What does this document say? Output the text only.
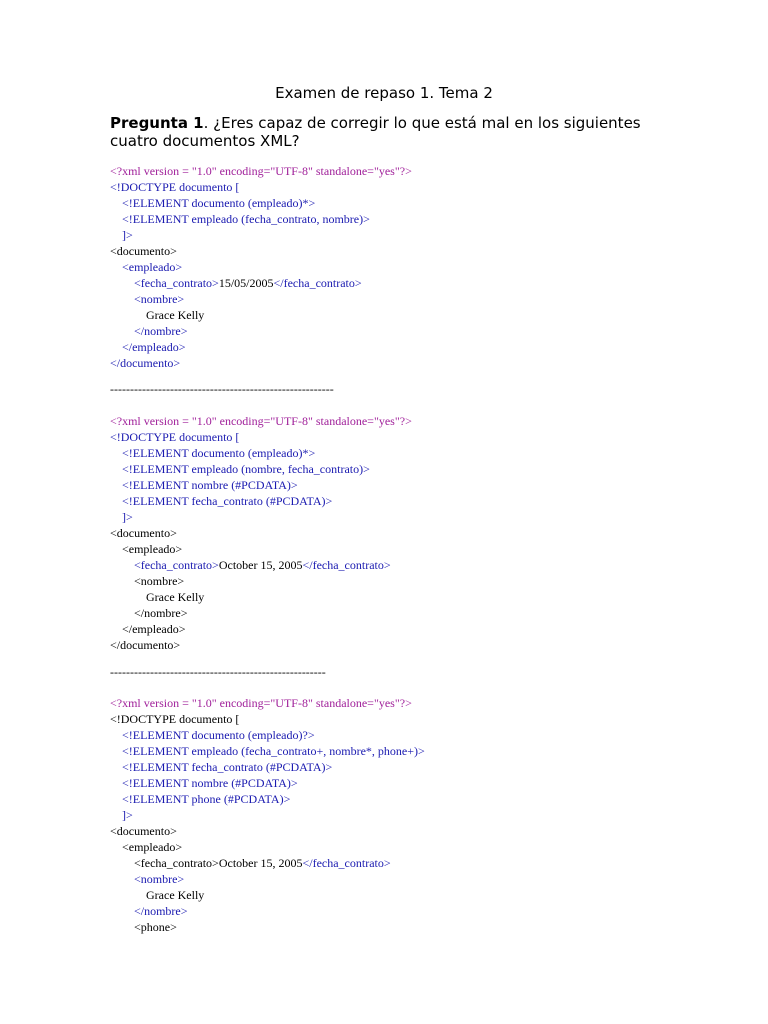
Examen de repaso 1. Tema 2
Pregunta 1. ¿Eres capaz de corregir lo que está mal en los siguientes cuatro documentos XML?
<?xml version = "1.0" encoding="UTF-8" standalone="yes"?>
<!DOCTYPE documento [
<!ELEMENT documento (empleado)*>
<!ELEMENT empleado (fecha_contrato, nombre)>
]>
<documento>
<empleado>
<fecha_contrato>15/05/2005</fecha_contrato>
<nombre>
Grace Kelly
</nombre>
</empleado>
</documento>
--------------------------------------------------------
<?xml version = "1.0" encoding="UTF-8" standalone="yes"?>
<!DOCTYPE documento [
<!ELEMENT documento (empleado)*>
<!ELEMENT empleado (nombre, fecha_contrato)>
<!ELEMENT nombre (#PCDATA)>
<!ELEMENT fecha_contrato (#PCDATA)>
]>
<documento>
<empleado>
<fecha_contrato>October 15, 2005</fecha_contrato>
<nombre>
Grace Kelly
</nombre>
</empleado>
</documento>
------------------------------------------------------
<?xml version = "1.0" encoding="UTF-8" standalone="yes"?>
<!DOCTYPE documento [
<!ELEMENT documento (empleado)?>
<!ELEMENT empleado (fecha_contrato+, nombre*, phone+)>
<!ELEMENT fecha_contrato (#PCDATA)>
<!ELEMENT nombre (#PCDATA)>
<!ELEMENT phone (#PCDATA)>
]>
<documento>
<empleado>
<fecha_contrato>October 15, 2005</fecha_contrato>
<nombre>
Grace Kelly
</nombre>
<phone>
